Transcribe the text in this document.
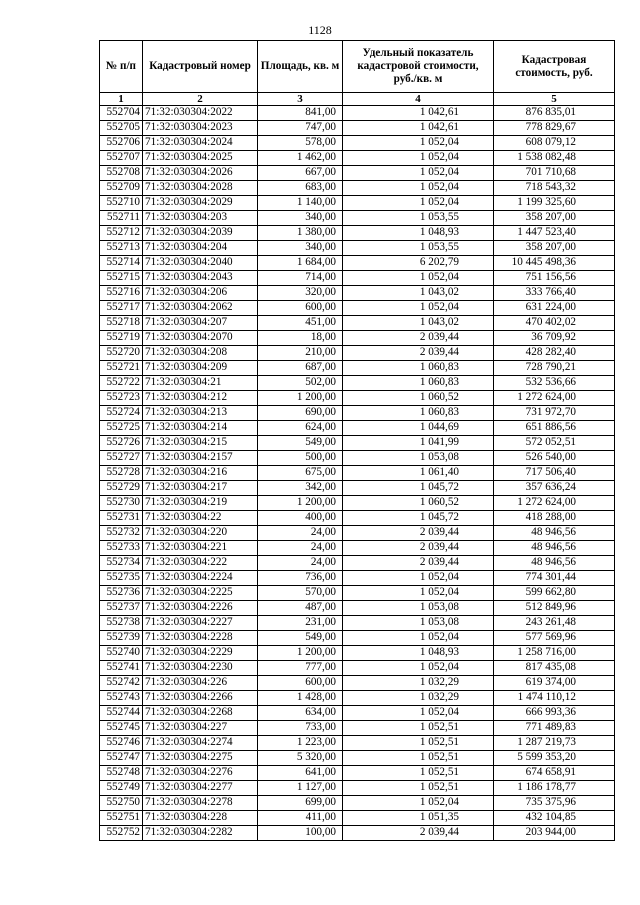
1128
№ п/п	Кадастровый номер	Площадь, кв. м	Удельный показатель кадастровой стоимости, руб./кв. м	Кадастровая стоимость, руб.
1	2	3	4	5
552704	71:32:030304:2022	841,00	1 042,61	876 835,01
552705	71:32:030304:2023	747,00	1 042,61	778 829,67
552706	71:32:030304:2024	578,00	1 052,04	608 079,12
552707	71:32:030304:2025	1 462,00	1 052,04	1 538 082,48
552708	71:32:030304:2026	667,00	1 052,04	701 710,68
552709	71:32:030304:2028	683,00	1 052,04	718 543,32
552710	71:32:030304:2029	1 140,00	1 052,04	1 199 325,60
552711	71:32:030304:203	340,00	1 053,55	358 207,00
552712	71:32:030304:2039	1 380,00	1 048,93	1 447 523,40
552713	71:32:030304:204	340,00	1 053,55	358 207,00
552714	71:32:030304:2040	1 684,00	6 202,79	10 445 498,36
552715	71:32:030304:2043	714,00	1 052,04	751 156,56
552716	71:32:030304:206	320,00	1 043,02	333 766,40
552717	71:32:030304:2062	600,00	1 052,04	631 224,00
552718	71:32:030304:207	451,00	1 043,02	470 402,02
552719	71:32:030304:2070	18,00	2 039,44	36 709,92
552720	71:32:030304:208	210,00	2 039,44	428 282,40
552721	71:32:030304:209	687,00	1 060,83	728 790,21
552722	71:32:030304:21	502,00	1 060,83	532 536,66
552723	71:32:030304:212	1 200,00	1 060,52	1 272 624,00
552724	71:32:030304:213	690,00	1 060,83	731 972,70
552725	71:32:030304:214	624,00	1 044,69	651 886,56
552726	71:32:030304:215	549,00	1 041,99	572 052,51
552727	71:32:030304:2157	500,00	1 053,08	526 540,00
552728	71:32:030304:216	675,00	1 061,40	717 506,40
552729	71:32:030304:217	342,00	1 045,72	357 636,24
552730	71:32:030304:219	1 200,00	1 060,52	1 272 624,00
552731	71:32:030304:22	400,00	1 045,72	418 288,00
552732	71:32:030304:220	24,00	2 039,44	48 946,56
552733	71:32:030304:221	24,00	2 039,44	48 946,56
552734	71:32:030304:222	24,00	2 039,44	48 946,56
552735	71:32:030304:2224	736,00	1 052,04	774 301,44
552736	71:32:030304:2225	570,00	1 052,04	599 662,80
552737	71:32:030304:2226	487,00	1 053,08	512 849,96
552738	71:32:030304:2227	231,00	1 053,08	243 261,48
552739	71:32:030304:2228	549,00	1 052,04	577 569,96
552740	71:32:030304:2229	1 200,00	1 048,93	1 258 716,00
552741	71:32:030304:2230	777,00	1 052,04	817 435,08
552742	71:32:030304:226	600,00	1 032,29	619 374,00
552743	71:32:030304:2266	1 428,00	1 032,29	1 474 110,12
552744	71:32:030304:2268	634,00	1 052,04	666 993,36
552745	71:32:030304:227	733,00	1 052,51	771 489,83
552746	71:32:030304:2274	1 223,00	1 052,51	1 287 219,73
552747	71:32:030304:2275	5 320,00	1 052,51	5 599 353,20
552748	71:32:030304:2276	641,00	1 052,51	674 658,91
552749	71:32:030304:2277	1 127,00	1 052,51	1 186 178,77
552750	71:32:030304:2278	699,00	1 052,04	735 375,96
552751	71:32:030304:228	411,00	1 051,35	432 104,85
552752	71:32:030304:2282	100,00	2 039,44	203 944,00
